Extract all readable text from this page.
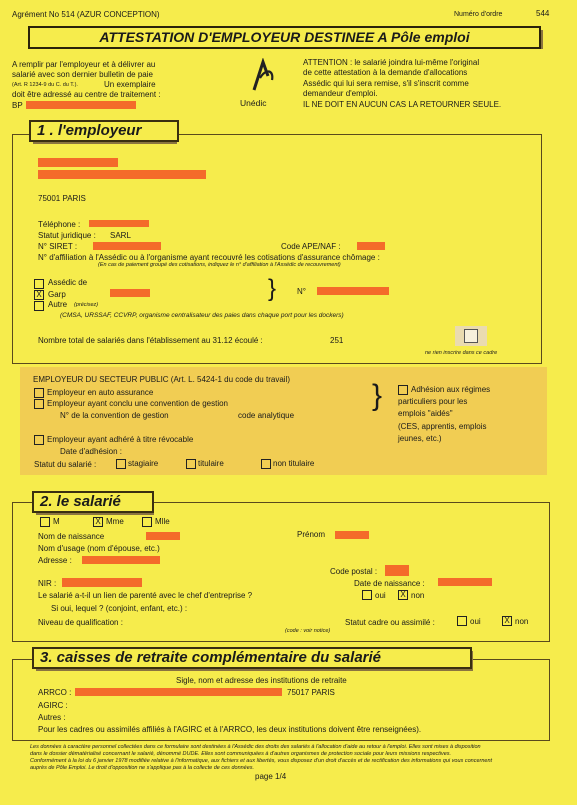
Agrément No 514 (AZUR CONCEPTION)	Numéro d'ordre	544
ATTESTATION D'EMPLOYEUR DESTINEE A Pôle emploi
A remplir par l'employeur et à délivrer au
salarié avec son dernier bulletin de paie
(Art. R 1234-9 du C. du T.).	Un exemplaire
doit être adressé au centre de traitement :
BP	Unédic
ATTENTION : le salarié joindra lui-même l'original
de cette attestation à la demande d'allocations
Assédic qui lui sera remise, s'il s'inscrit comme
demandeur d'emploi.
IL NE DOIT EN AUCUN CAS LA RETOURNER SEULE.
1 . l'employeur
75001 PARIS
Téléphone :
Statut juridique : SARL
N° SIRET :	Code APE/NAF :
N° d'affiliation à l'Assédic ou à l'organisme ayant recouvré les cotisations d'assurance chômage :
(En cas de paiement groupé des cotisations, indiquez le n° d'affiliation à l'Assédic de recouvrement)
Assédic de
X Garp
Autre (précisez)
}	N°
(CMSA, URSSAF, CCVRP, organisme centralisateur des paies dans chaque port pour les dockers)
Nombre total de salariés dans l'établissement au 31.12 écoulé :	251
ne rien inscrire dans ce cadre
EMPLOYEUR DU SECTEUR PUBLIC (Art. L. 5424-1 du code du travail)
Employeur en auto assurance
Employeur ayant conclu une convention de gestion
N° de la convention de gestion	code analytique
Employeur ayant adhéré à titre révocable
Date d'adhésion :
Statut du salarié :	stagiaire	titulaire	non titulaire
}	Adhésion aux régimes
particuliers pour les
emplois "aidés"
(CES, apprentis, emplois
jeunes, etc.)
2. le salarié
M	X Mme	Mlle
Nom de naissance	Prénom
Nom d'usage (nom d'épouse, etc.)
Adresse :
Code postal :
NIR :	Date de naissance :
Le salarié a-t-il un lien de parenté avec le chef d'entreprise ?	oui X non
Si oui, lequel ? (conjoint, enfant, etc.) :
Niveau de qualification :	Statut cadre ou assimilé :	oui	X non
(code : voir notice)
3. caisses de retraite complémentaire du salarié
Sigle, nom et adresse des institutions de retraite
ARRCO :	75017 PARIS
AGIRC :
Autres :
Pour les cadres ou assimilés affiliés à l'AGIRC et à l'ARRCO, les deux institutions doivent être renseignées).
Les données à caractère personnel collectées dans ce formulaire sont destinées à l'Assédic des droits des salariés à l'allocation d'aide au retour à l'emploi. Elles sont mises à disposition
dans le dossier dématérialisé concernant le salarié, dénommé DUDE. Elles sont communiquées à d'autres organismes de protection sociale pour leurs missions respectives.
Conformément à la loi du 6 janvier 1978 modifiée relative à l'informatique, aux fichiers et aux libertés, vous disposez d'un droit d'accès et de rectification des informations qui vous concernent
auprès de Pôle Emploi. Le droit d'opposition ne s'applique pas à la collecte de ces données.
page 1/4
